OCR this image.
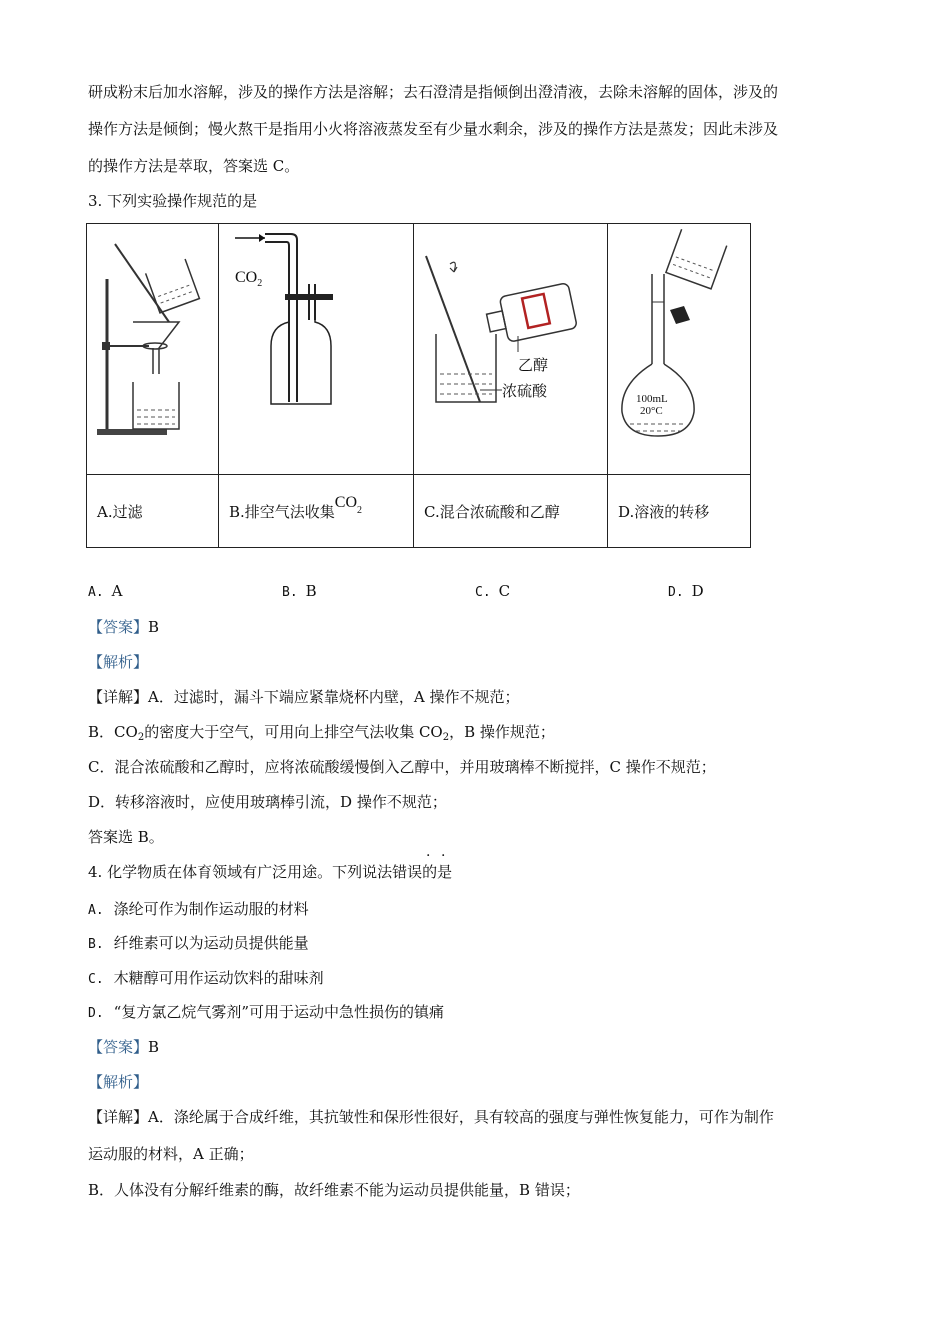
研成粉末后加水溶解，涉及的操作方法是溶解；去石澄清是指倾倒出澄清液，去除未溶解的固体，涉及的
操作方法是倾倒；慢火熬干是指用小火将溶液蒸发至有少量水剩余，涉及的操作方法是蒸发；因此未涉及
的操作方法是萃取，答案选 C。
3. 下列实验操作规范的是

$CO_2$	乙醇
浓硫酸	100mL
20°C

A.过滤	B.排空气法收集$CO^2$	C.混合浓硫酸和乙醇	D.溶液的转移
A. A	B. B	C. C	D. D
【答案】B
【解析】
【详解】A．过滤时，漏斗下端应紧靠烧杯内壁，A 操作不规范；
B．$CO_2$的密度大于空气，可用向上排空气法收集 $CO_2$，B 操作规范；
C．混合浓硫酸和乙醇时，应将浓硫酸缓慢倒入乙醇中，并用玻璃棒不断搅拌，C 操作不规范；
D．转移溶液时，应使用玻璃棒引流，D 操作不规范；
答案选 B。
· ·
4. 化学物质在体育领域有广泛用途。下列说法错误的是
A. 涤纶可作为制作运动服的材料
B. 纤维素可以为运动员提供能量
C. 木糖醇可用作运动饮料的甜味剂
D. “复方氯乙烷气雾剂”可用于运动中急性损伤的镇痛
【答案】B
【解析】
【详解】A．涤纶属于合成纤维，其抗皱性和保形性很好，具有较高的强度与弹性恢复能力，可作为制作
运动服的材料，A 正确；
B．人体没有分解纤维素的酶，故纤维素不能为运动员提供能量，B 错误；
